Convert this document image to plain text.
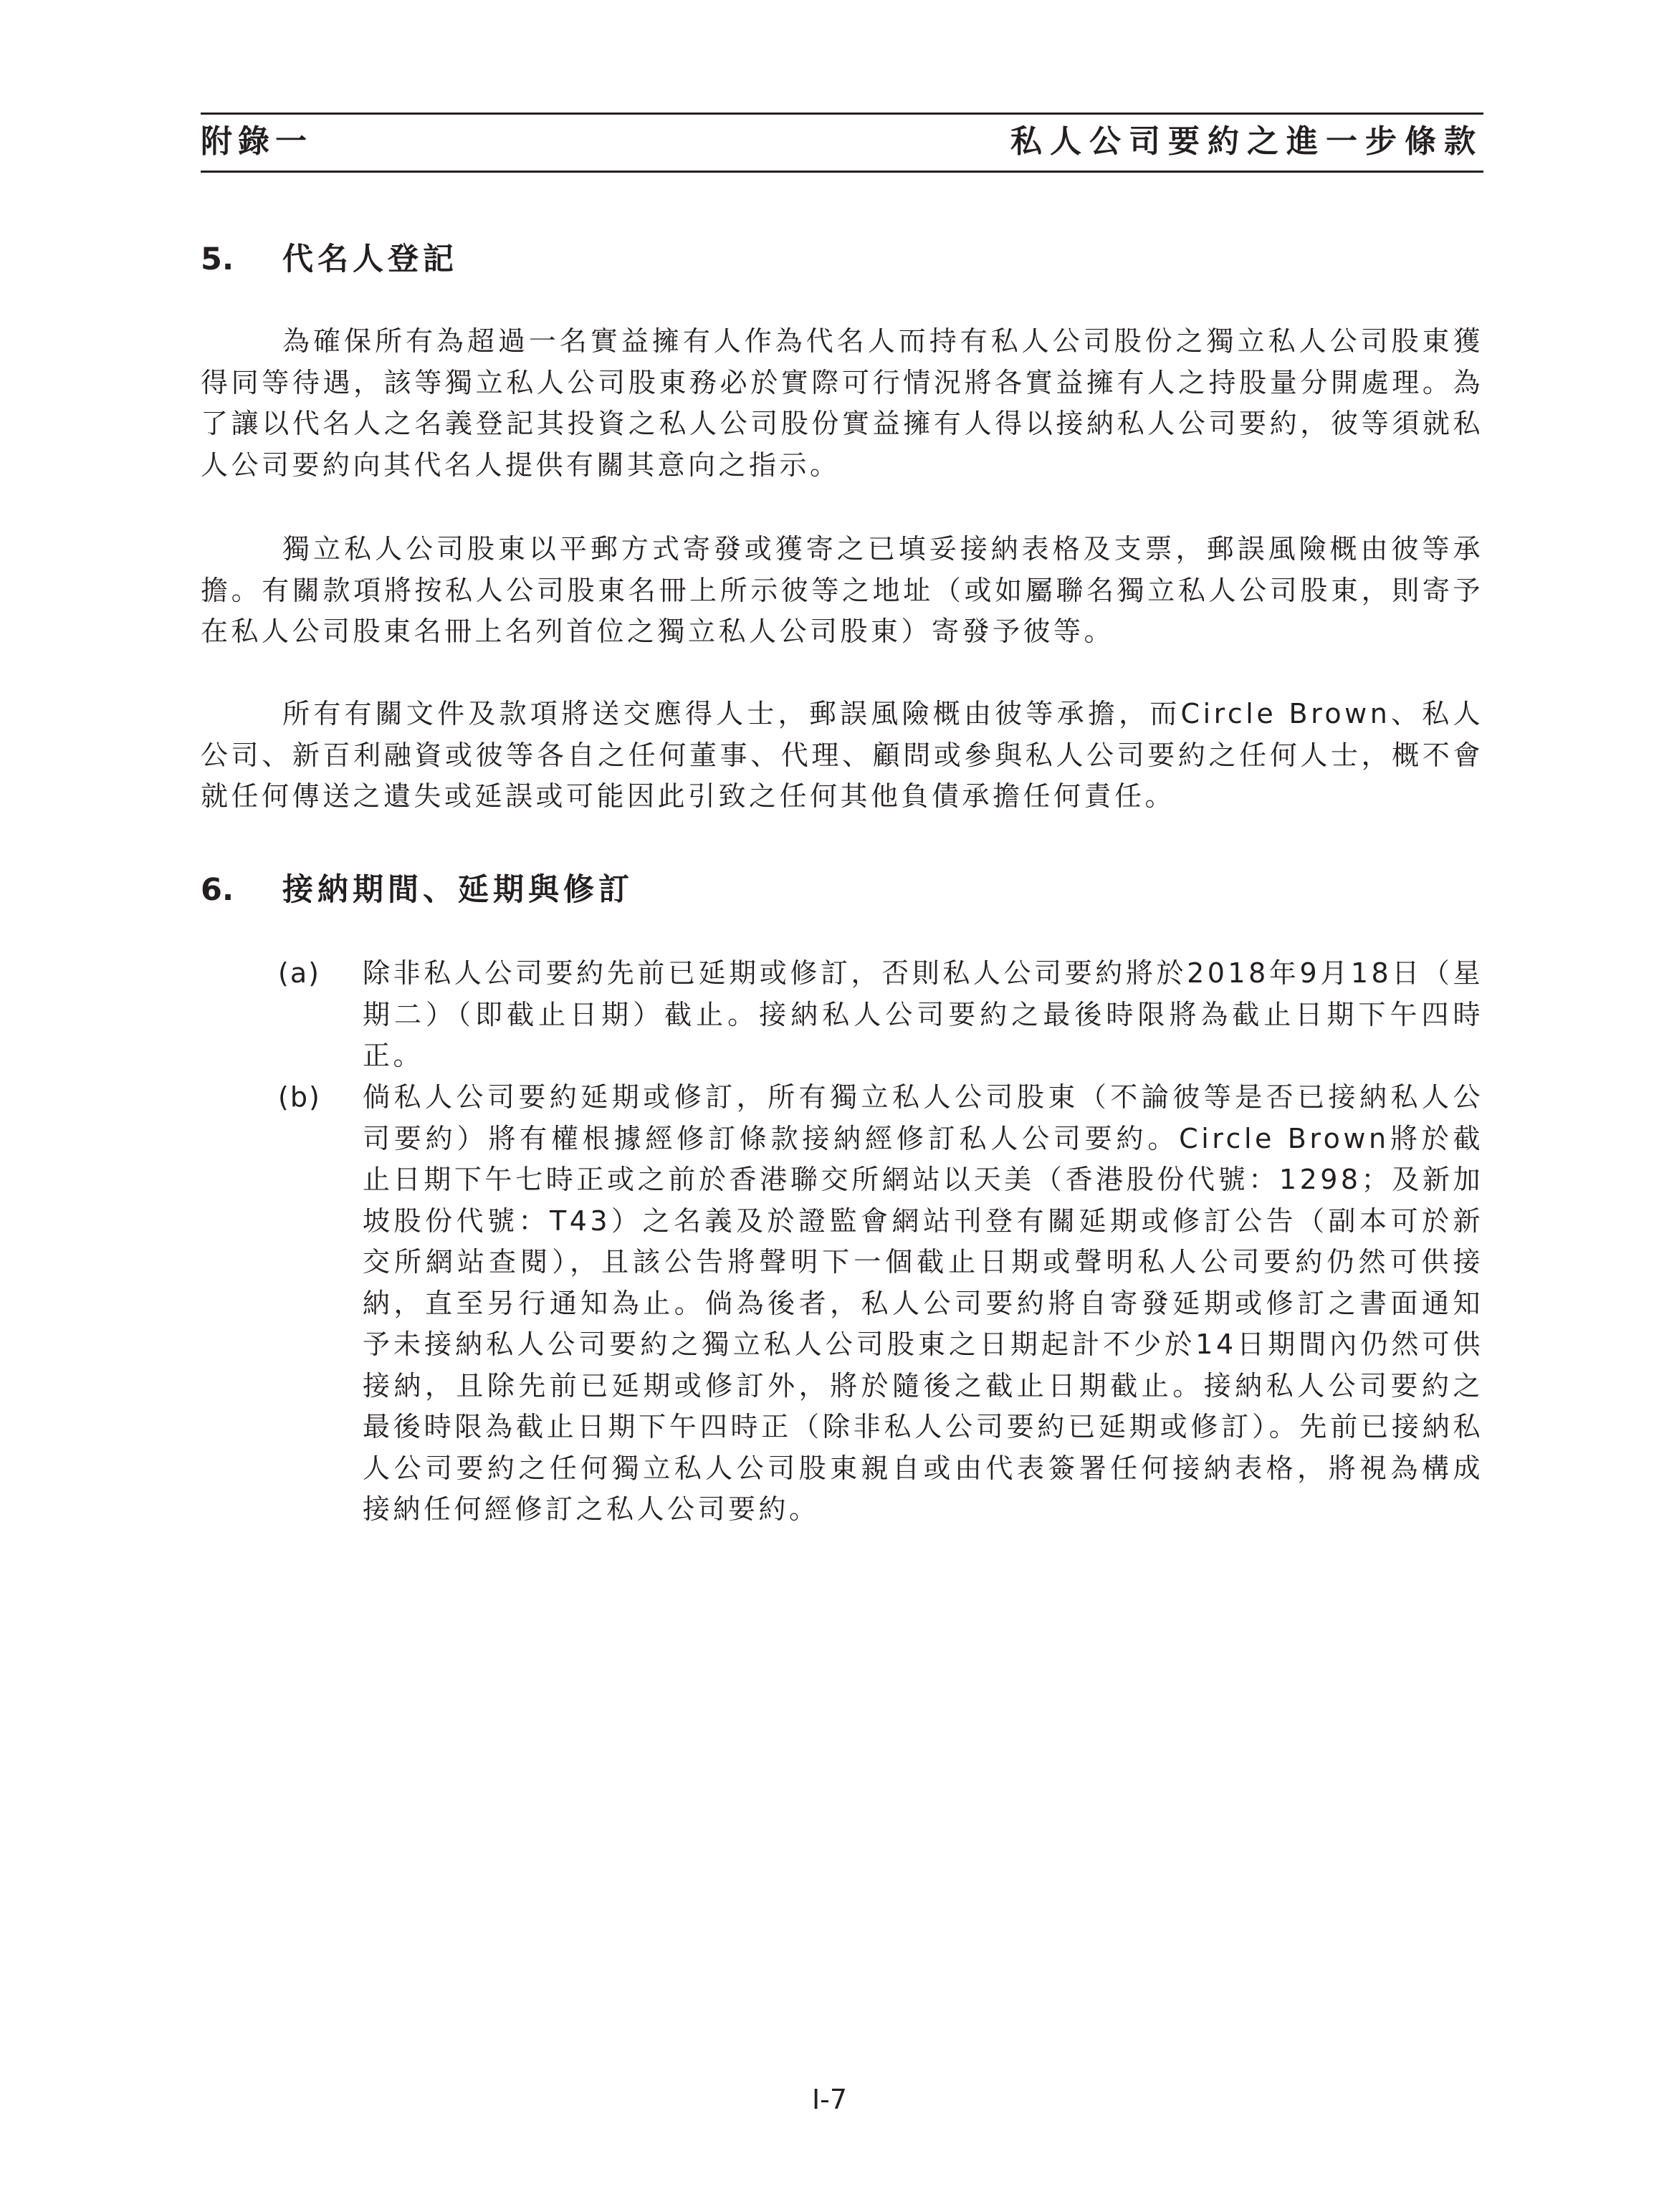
附錄一	私人公司要約之進一步條款
5. 代名人登記

為確保所有為超過一名實益擁有人作為代名人而持有私人公司股份之獨立私人公司股東獲得同等待遇，該等獨立私人公司股東務必於實際可行情況將各實益擁有人之持股量分開處理。為了讓以代名人之名義登記其投資之私人公司股份實益擁有人得以接納私人公司要約，彼等須就私人公司要約向其代名人提供有關其意向之指示。

獨立私人公司股東以平郵方式寄發或獲寄之已填妥接納表格及支票，郵誤風險概由彼等承擔。有關款項將按私人公司股東名冊上所示彼等之地址（或如屬聯名獨立私人公司股東，則寄予在私人公司股東名冊上名列首位之獨立私人公司股東）寄發予彼等。

所有有關文件及款項將送交應得人士，郵誤風險概由彼等承擔，而Circle Brown、私人公司、新百利融資或彼等各自之任何董事、代理、顧問或參與私人公司要約之任何人士，概不會就任何傳送之遺失或延誤或可能因此引致之任何其他負債承擔任何責任。

6. 接納期間、延期與修訂
(a) 除非私人公司要約先前已延期或修訂，否則私人公司要約將於2018年9月18日（星期二）（即截止日期）截止。接納私人公司要約之最後時限將為截止日期下午四時正。
(b) 倘私人公司要約延期或修訂，所有獨立私人公司股東（不論彼等是否已接納私人公司要約）將有權根據經修訂條款接納經修訂私人公司要約。Circle Brown將於截止日期下午七時正或之前於香港聯交所網站以天美（香港股份代號：1298；及新加坡股份代號：T43）之名義及於證監會網站刊登有關延期或修訂公告（副本可於新交所網站查閱），且該公告將聲明下一個截止日期或聲明私人公司要約仍然可供接納，直至另行通知為止。倘為後者，私人公司要約將自寄發延期或修訂之書面通知予未接納私人公司要約之獨立私人公司股東之日期起計不少於14日期間內仍然可供接納，且除先前已延期或修訂外，將於隨後之截止日期截止。接納私人公司要約之最後時限為截止日期下午四時正（除非私人公司要約已延期或修訂）。先前已接納私人公司要約之任何獨立私人公司股東親自或由代表簽署任何接納表格，將視為構成接納任何經修訂之私人公司要約。
I-7
